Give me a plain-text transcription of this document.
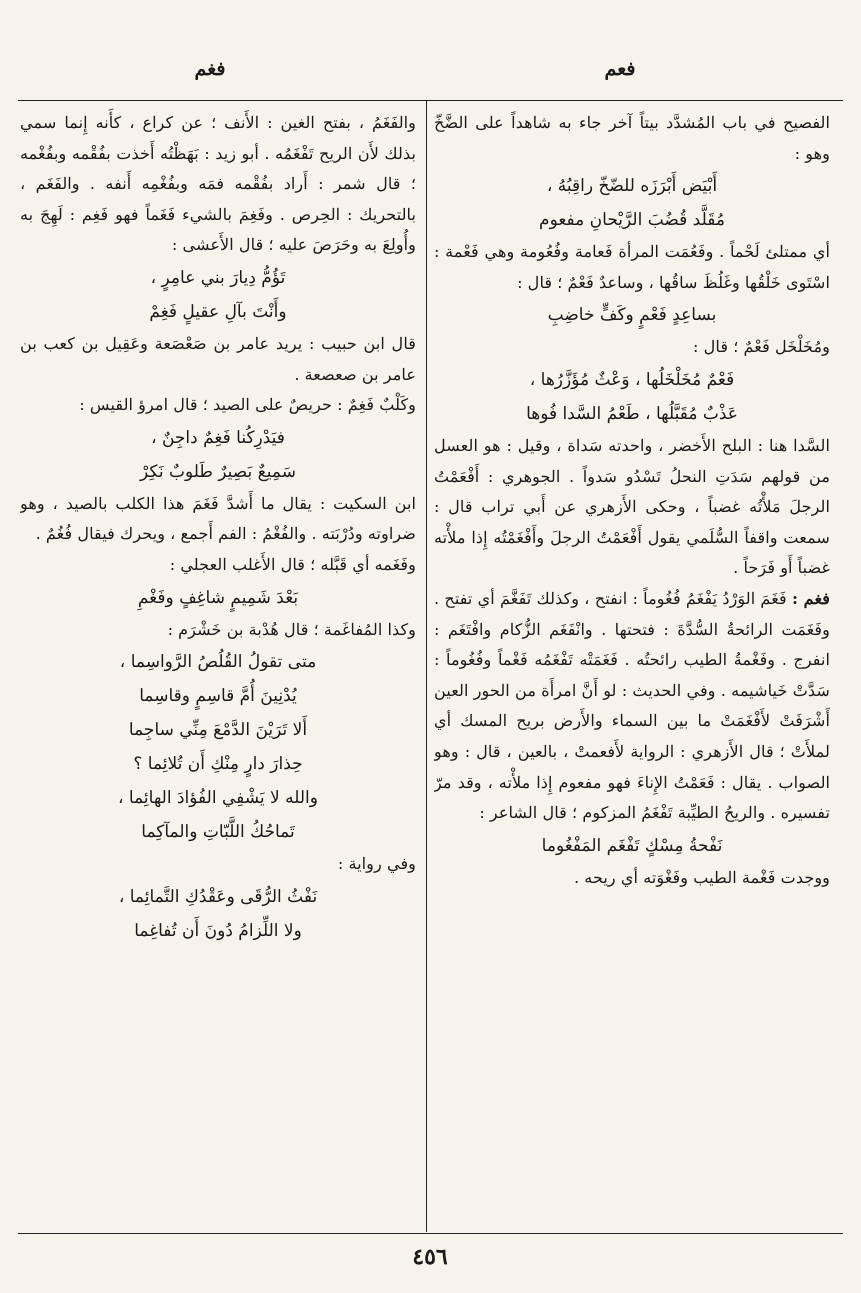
فعم
فغم

الفصيح في باب المُشدَّد بيتاً آخر جاء به شاهداً على الضَّخّ وهو :

أَبْيَض أَبْرَزَه للضّخّ راقِبُهُ ،
مُقَلَّد قُضُبَ الرَّيْحانِ مفعوم

أي ممتلئ لَحْماً . وفَعُمَت المرأة فَعامة وفُعُومة وهي فَعْمة : اسْتَوى خَلْقُها وغَلُظَ ساقُها ، وساعدٌ فَعْمٌ ؛ قال :

بساعِدٍ فَعْمٍ وكَفٍّ خاضِبِ

ومُخَلْخَل فَعْمٌ ؛ قال :

فَعْمٌ مُخَلْخَلُها ، وَعْثٌ مُؤَزَّرُها ،
عَذْبٌ مُقَبَّلُها ، طَعْمُ السَّدا فُوها

السَّدا هنا : البلح الأَخضر ، واحدته سَداة ، وقيل : هو العسل من قولهم سَدَتِ النحلُ تَسْدُو سَدواً . الجوهري : أَفْعَمْتُ الرجلَ مَلأْتُه غضباً ، وحكى الأَزهري عن أَبي تراب قال : سمعت واقفاً السُّلَمي يقول أَفْعَمْتُ الرجلَ وأَفْغَمْتُه إِذا ملأْته غضباً أَو فَرَحاً .

فغم : فَغَمَ الوَرْدُ يَفْغَمُ فُغُوماً : انفتح ، وكذلك تَفَغَّمَ أي تفتح . وفَغَمَت الرائحةُ السُّدَّةَ : فتحتها . وانْفَغَم الزُّكام وافْتَغَم : انفرج . وفَغْمةُ الطيب رائحتُه . فَغَمَتْه تَفْغَمُه فَغْماً وفُغُوماً : سَدَّتْ خَياشيمه . وفي الحديث : لو أَنَّ امرأَة من الحور العين أَشْرَفَتْ لأَفْغَمَتْ ما بين السماء والأَرض بريح المسك أي لملأَتْ ؛ قال الأَزهري : الرواية لأَفعمتْ ، بالعين ، قال : وهو الصواب . يقال : فَعَمْتُ الإِناءَ فهو مفعوم إِذا ملأْته ، وقد مرّ تفسيره . والريحُ الطيِّبة تَفْغَمُ المزكوم ؛ قال الشاعر :

نَفْحةُ مِسْكٍ تَفْغَم المَفْغُوما

ووجدت فَغْمة الطيب وفَغْوَته أي ريحه .

والفَغَمُ ، بفتح الغين : الأَنف ؛ عن كراع ، كأَنه إِنما سمي بذلك لأَن الريح تَفْغَمُه . أبو زيد : بَهَظْتُه أَخذت بفُقْمه وبفُغْمه ؛ قال شمر : أَراد بفُقْمه فمَه وبفُغْمِه أَنفه . والفَغَم ، بالتحريك : الحِرص . وفَغِمَ بالشيء فَغَماً فهو فَغِم : لَهِجَ به وأُولِعَ به وحَرَصَ عليه ؛ قال الأَعشى :

تَؤُمُّ دِيارَ بني عامِرٍ ،
وأَنْتَ بآلِ عقيلٍ فَغِمْ

قال ابن حبيب : يريد عامر بن صَعْصَعة وعَقِيل بن كعب بن عامر بن صعصعة .

وكَلْبٌ فَغِمٌ : حريصٌ على الصيد ؛ قال امرؤ القيس :

فيَدْرِكُنا فَغِمٌ داجِنٌ ،
سَمِيعٌ بَصِيرٌ طَلوبٌ نَكِرْ

ابن السكيت : يقال ما أَشدَّ فَغَمَ هذا الكلب بالصيد ، وهو ضراوته ودُرْبَته . والفُغْمُ : الفم أَجمع ، ويحرك فيقال فُغُمٌ .

وفَغَمه أي قَبَّله ؛ قال الأَغلب العجلي :

بَعْدَ شَمِيمٍ شاغِفٍ وفَغْمِ

وكذا المُفاغَمة ؛ قال هُدْبة بن خَشْرَم :

متى تقولُ القُلُصُ الرَّواسِما ،
يُدْنِينَ أُمَّ قاسِمٍ وقاسِما
أَلا تَرَيْنَ الدَّمْعَ مِنِّي ساجِما
حِذارَ دارٍ مِنْكِ أَن تُلائِما ؟
والله لا يَشْفِي الفُؤادَ الهائِما ،
تَماحُكُ اللَّبّاتِ والمآكِما

وفي رواية :

نَفْثُ الرُّقَى وعَقْدُكِ التَّمائِما ،
ولا اللِّزامُ دُونَ أَن تُفاغِما
٤٥٦
